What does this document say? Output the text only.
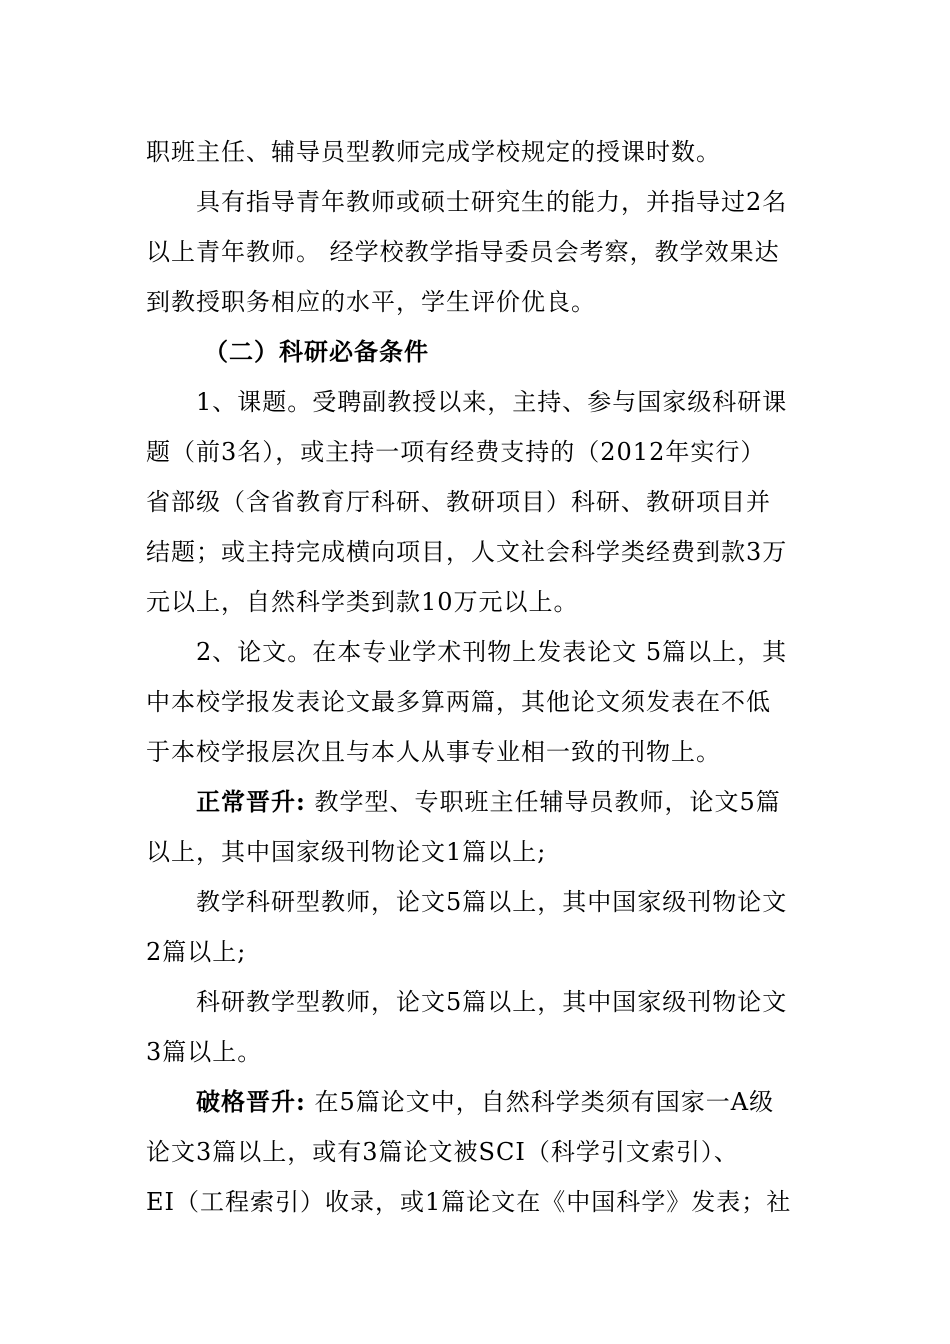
职班主任、辅导员型教师完成学校规定的授课时数。
具有指导青年教师或硕士研究生的能力，并指导过2名
以上青年教师。 经学校教学指导委员会考察，教学效果达
到教授职务相应的水平，学生评价优良。
（二）科研必备条件
1、课题。受聘副教授以来，主持、参与国家级科研课
题（前3名），或主持一项有经费支持的（2012年实行）
省部级（含省教育厅科研、教研项目）科研、教研项目并
结题；或主持完成横向项目，人文社会科学类经费到款3万
元以上，自然科学类到款10万元以上。
2、论文。在本专业学术刊物上发表论文 5篇以上，其
中本校学报发表论文最多算两篇，其他论文须发表在不低
于本校学报层次且与本人从事专业相一致的刊物上。
正常晋升: 教学型、专职班主任辅导员教师，论文5篇
以上，其中国家级刊物论文1篇以上;
教学科研型教师，论文5篇以上，其中国家级刊物论文
2篇以上;
科研教学型教师，论文5篇以上，其中国家级刊物论文
3篇以上。
破格晋升: 在5篇论文中，自然科学类须有国家一A级
论文3篇以上，或有3篇论文被SCI（科学引文索引）、
EI（工程索引）收录，或1篇论文在《中国科学》发表；社
